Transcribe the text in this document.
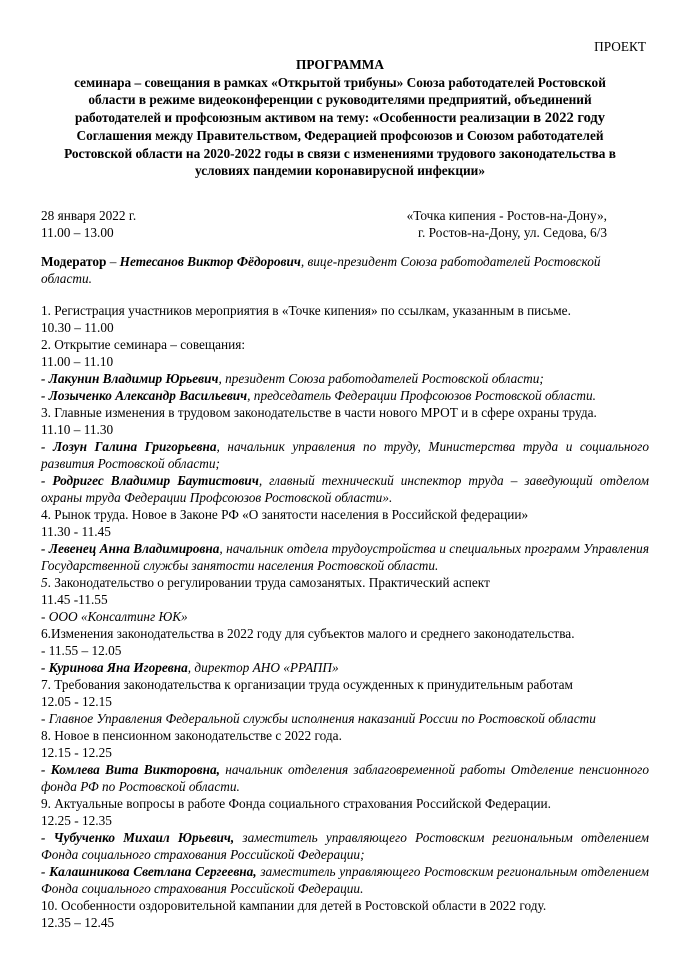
ПРОЕКТ
ПРОГРАММА
семинара – совещания в рамках «Открытой трибуны» Союза работодателей Ростовской
области в режиме видеоконференции с руководителями предприятий, объединений
работодателей и профсоюзным активом на тему: «Особенности реализации в 2022 году
Соглашения между Правительством, Федерацией профсоюзов и Союзом работодателей
Ростовской области на 2020-2022 годы в связи с изменениями трудового законодательства в
условиях пандемии коронавирусной инфекции»
28 января 2022 г.
11.00 – 13.00
«Точка кипения - Ростов-на-Дону»,
г. Ростов-на-Дону, ул. Седова, 6/3
Модератор – Нетесанов Виктор Фёдорович, вице-президент Союза работодателей Ростовской области.
1. Регистрация участников мероприятия в «Точке кипения» по ссылкам, указанным в письме.
10.30 – 11.00
2. Открытие семинара – совещания:
11.00 – 11.10
- Лакунин Владимир Юрьевич, президент Союза работодателей Ростовской области;
- Лозыченко Александр Васильевич, председатель Федерации Профсоюзов Ростовской области.
3. Главные изменения в трудовом законодательстве в части нового МРОТ и в сфере охраны труда.
11.10 – 11.30
- Лозун Галина Григорьевна, начальник управления по труду, Министерства труда и социального развития Ростовской области;
- Родригес Владимир Баутистович, главный технический инспектор труда – заведующий отделом охраны труда Федерации Профсоюзов Ростовской области».
4. Рынок труда. Новое в Законе РФ «О занятости населения в Российской федерации»
11.30 - 11.45
- Левенец Анна Владимировна, начальник отдела трудоустройства и специальных программ Управления Государственной службы занятости населения Ростовской области.
5. Законодательство о регулировании труда самозанятых. Практический аспект
11.45 -11.55
- ООО «Консалтинг ЮК»
6.Изменения законодательства в 2022 году для субъектов малого и среднего законодательства.
- 11.55 – 12.05
- Куринова Яна Игоревна, директор АНО «РРАПП»
7. Требования законодательства к организации труда осужденных к принудительным работам
12.05 - 12.15
- Главное Управления Федеральной службы исполнения наказаний России по Ростовской области
8. Новое в пенсионном законодательстве с 2022 года.
12.15 - 12.25
- Комлева Вита Викторовна, начальник отделения заблаговременной работы Отделение пенсионного фонда РФ по Ростовской области.
9. Актуальные вопросы в работе Фонда социального страхования Российской Федерации.
12.25 - 12.35
- Чубученко Михаил Юрьевич, заместитель управляющего Ростовским региональным отделением Фонда социального страхования Российской Федерации;
- Калашникова Светлана Сергеевна, заместитель управляющего Ростовским региональным отделением Фонда социального страхования Российской Федерации.
10. Особенности оздоровительной кампании для детей в Ростовской области в 2022 году.
12.35 – 12.45
